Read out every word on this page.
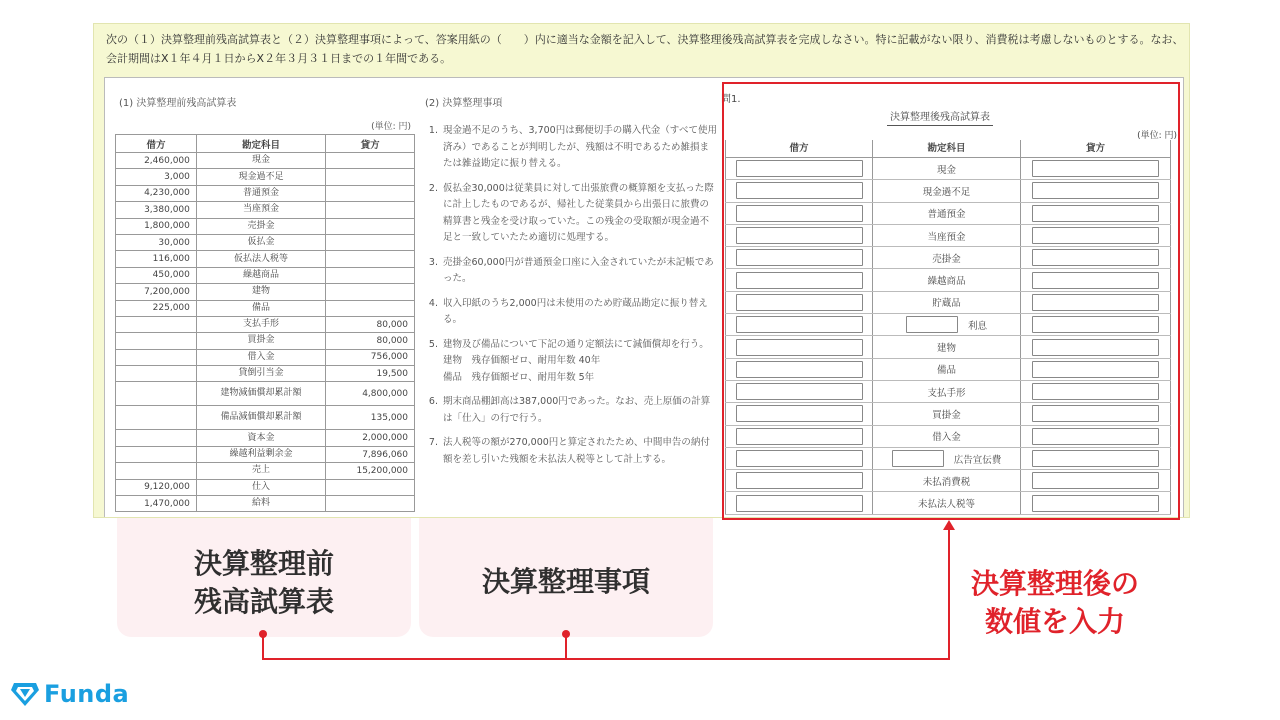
次の（１）決算整理前残高試算表と（２）決算整理事項によって、答案用紙の（　　）内に適当な金額を記入して、決算整理後残高試算表を完成しなさい。特に記載がない限り、消費税は考慮しないものとする。なお、会計期間はX１年４月１日からX２年３月３１日までの１年間である。
(1) 決算整理前残高試算表
(単位: 円)
借方	勘定科目	貸方
2,460,000	現金	
3,000	現金過不足	
4,230,000	普通預金	
3,380,000	当座預金	
1,800,000	売掛金	
30,000	仮払金	
116,000	仮払法人税等	
450,000	繰越商品	
7,200,000	建物	
225,000	備品	
	支払手形	80,000
	買掛金	80,000
	借入金	756,000
	貸倒引当金	19,500
	建物減価償却累計額	4,800,000
	備品減価償却累計額	135,000
	資本金	2,000,000
	繰越利益剰余金	7,896,060
	売上	15,200,000
9,120,000	仕入	
1,470,000	給料	
(2) 決算整理事項
1. 現金過不足のうち、3,700円は郵便切手の購入代金（すべて使用済み）であることが判明したが、残額は不明であるため雑損または雑益勘定に振り替える。
2. 仮払金30,000は従業員に対して出張旅費の概算額を支払った際に計上したものであるが、帰社した従業員から出張日に旅費の精算書と残金を受け取っていた。この残金の受取額が現金過不足と一致していたため適切に処理する。
3. 売掛金60,000円が普通預金口座に入金されていたが未記帳であった。
4. 収入印紙のうち2,000円は未使用のため貯蔵品勘定に振り替える。
5. 建物及び備品について下記の通り定額法にて減価償却を行う。
建物　残存価額ゼロ、耐用年数 40年
備品　残存価額ゼロ、耐用年数 5年
6. 期末商品棚卸高は387,000円であった。なお、売上原価の計算は「仕入」の行で行う。
7. 法人税等の額が270,000円と算定されたため、中間申告の納付額を差し引いた残額を未払法人税等として計上する。
問1.
決算整理後残高試算表
(単位: 円)
借方	勘定科目	貸方
現金
現金過不足
普通預金
当座預金
売掛金
繰越商品
貯蔵品
利息
建物
備品
支払手形
買掛金
借入金
広告宣伝費
未払消費税
未払法人税等
決算整理前
残高試算表
決算整理事項	決算整理後の
数値を入力
Funda
